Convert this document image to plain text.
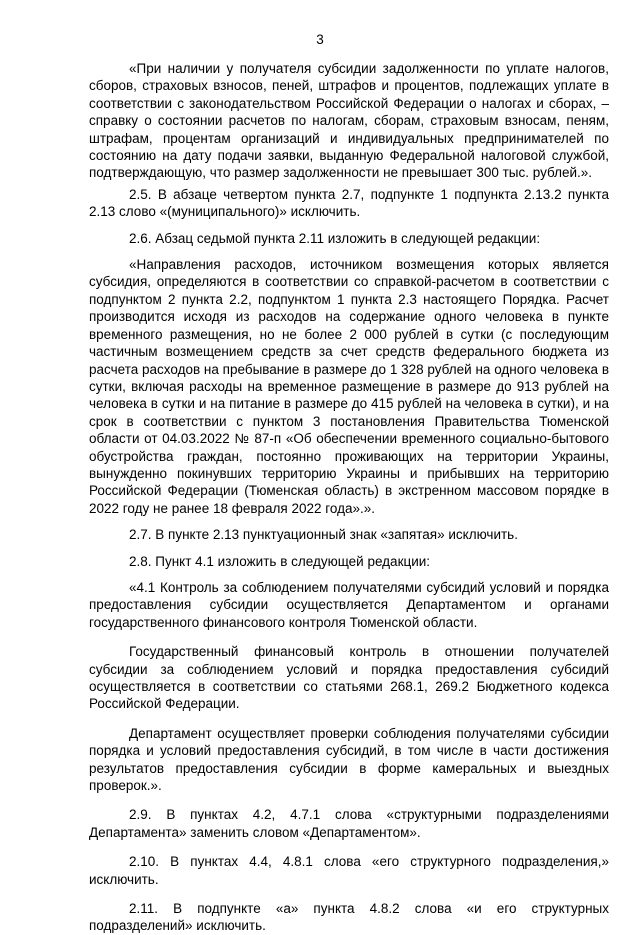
3

«При наличии у получателя субсидии задолженности по уплате налогов, сборов, страховых взносов, пеней, штрафов и процентов, подлежащих уплате в соответствии с законодательством Российской Федерации о налогах и сборах, – справку о состоянии расчетов по налогам, сборам, страховым взносам, пеням, штрафам, процентам организаций и индивидуальных предпринимателей по состоянию на дату подачи заявки, выданную Федеральной налоговой службой, подтверждающую, что размер задолженности не превышает 300 тыс. рублей.».

2.5. В абзаце четвертом пункта 2.7, подпункте 1 подпункта 2.13.2 пункта 2.13 слово «(муниципального)» исключить.

2.6. Абзац седьмой пункта 2.11 изложить в следующей редакции:

«Направления расходов, источником возмещения которых является субсидия, определяются в соответствии со справкой-расчетом в соответствии с подпунктом 2 пункта 2.2, подпунктом 1 пункта 2.3 настоящего Порядка. Расчет производится исходя из расходов на содержание одного человека в пункте временного размещения, но не более 2 000 рублей в сутки (с последующим частичным возмещением средств за счет средств федерального бюджета из расчета расходов на пребывание в размере до 1 328 рублей на одного человека в сутки, включая расходы на временное размещение в размере до 913 рублей на человека в сутки и на питание в размере до 415 рублей на человека в сутки), и на срок в соответствии с пунктом 3 постановления Правительства Тюменской области от 04.03.2022 № 87-п «Об обеспечении временного социально-бытового обустройства граждан, постоянно проживающих на территории Украины, вынужденно покинувших территорию Украины и прибывших на территорию Российской Федерации (Тюменская область) в экстренном массовом порядке в 2022 году не ранее 18 февраля 2022 года».».

2.7. В пункте 2.13 пунктуационный знак «запятая» исключить.

2.8. Пункт 4.1 изложить в следующей редакции:

«4.1 Контроль за соблюдением получателями субсидий условий и порядка предоставления субсидии осуществляется Департаментом и органами государственного финансового контроля Тюменской области.

Государственный финансовый контроль в отношении получателей субсидии за соблюдением условий и порядка предоставления субсидий осуществляется в соответствии со статьями 268.1, 269.2 Бюджетного кодекса Российской Федерации.

Департамент осуществляет проверки соблюдения получателями субсидии порядка и условий предоставления субсидий, в том числе в части достижения результатов предоставления субсидии в форме камеральных и выездных проверок.».

2.9. В пунктах 4.2, 4.7.1 слова «структурными подразделениями Департамента» заменить словом «Департаментом».

2.10. В пунктах 4.4, 4.8.1 слова «его структурного подразделения,» исключить.

2.11. В подпункте «а» пункта 4.8.2 слова «и его структурных подразделений» исключить.
